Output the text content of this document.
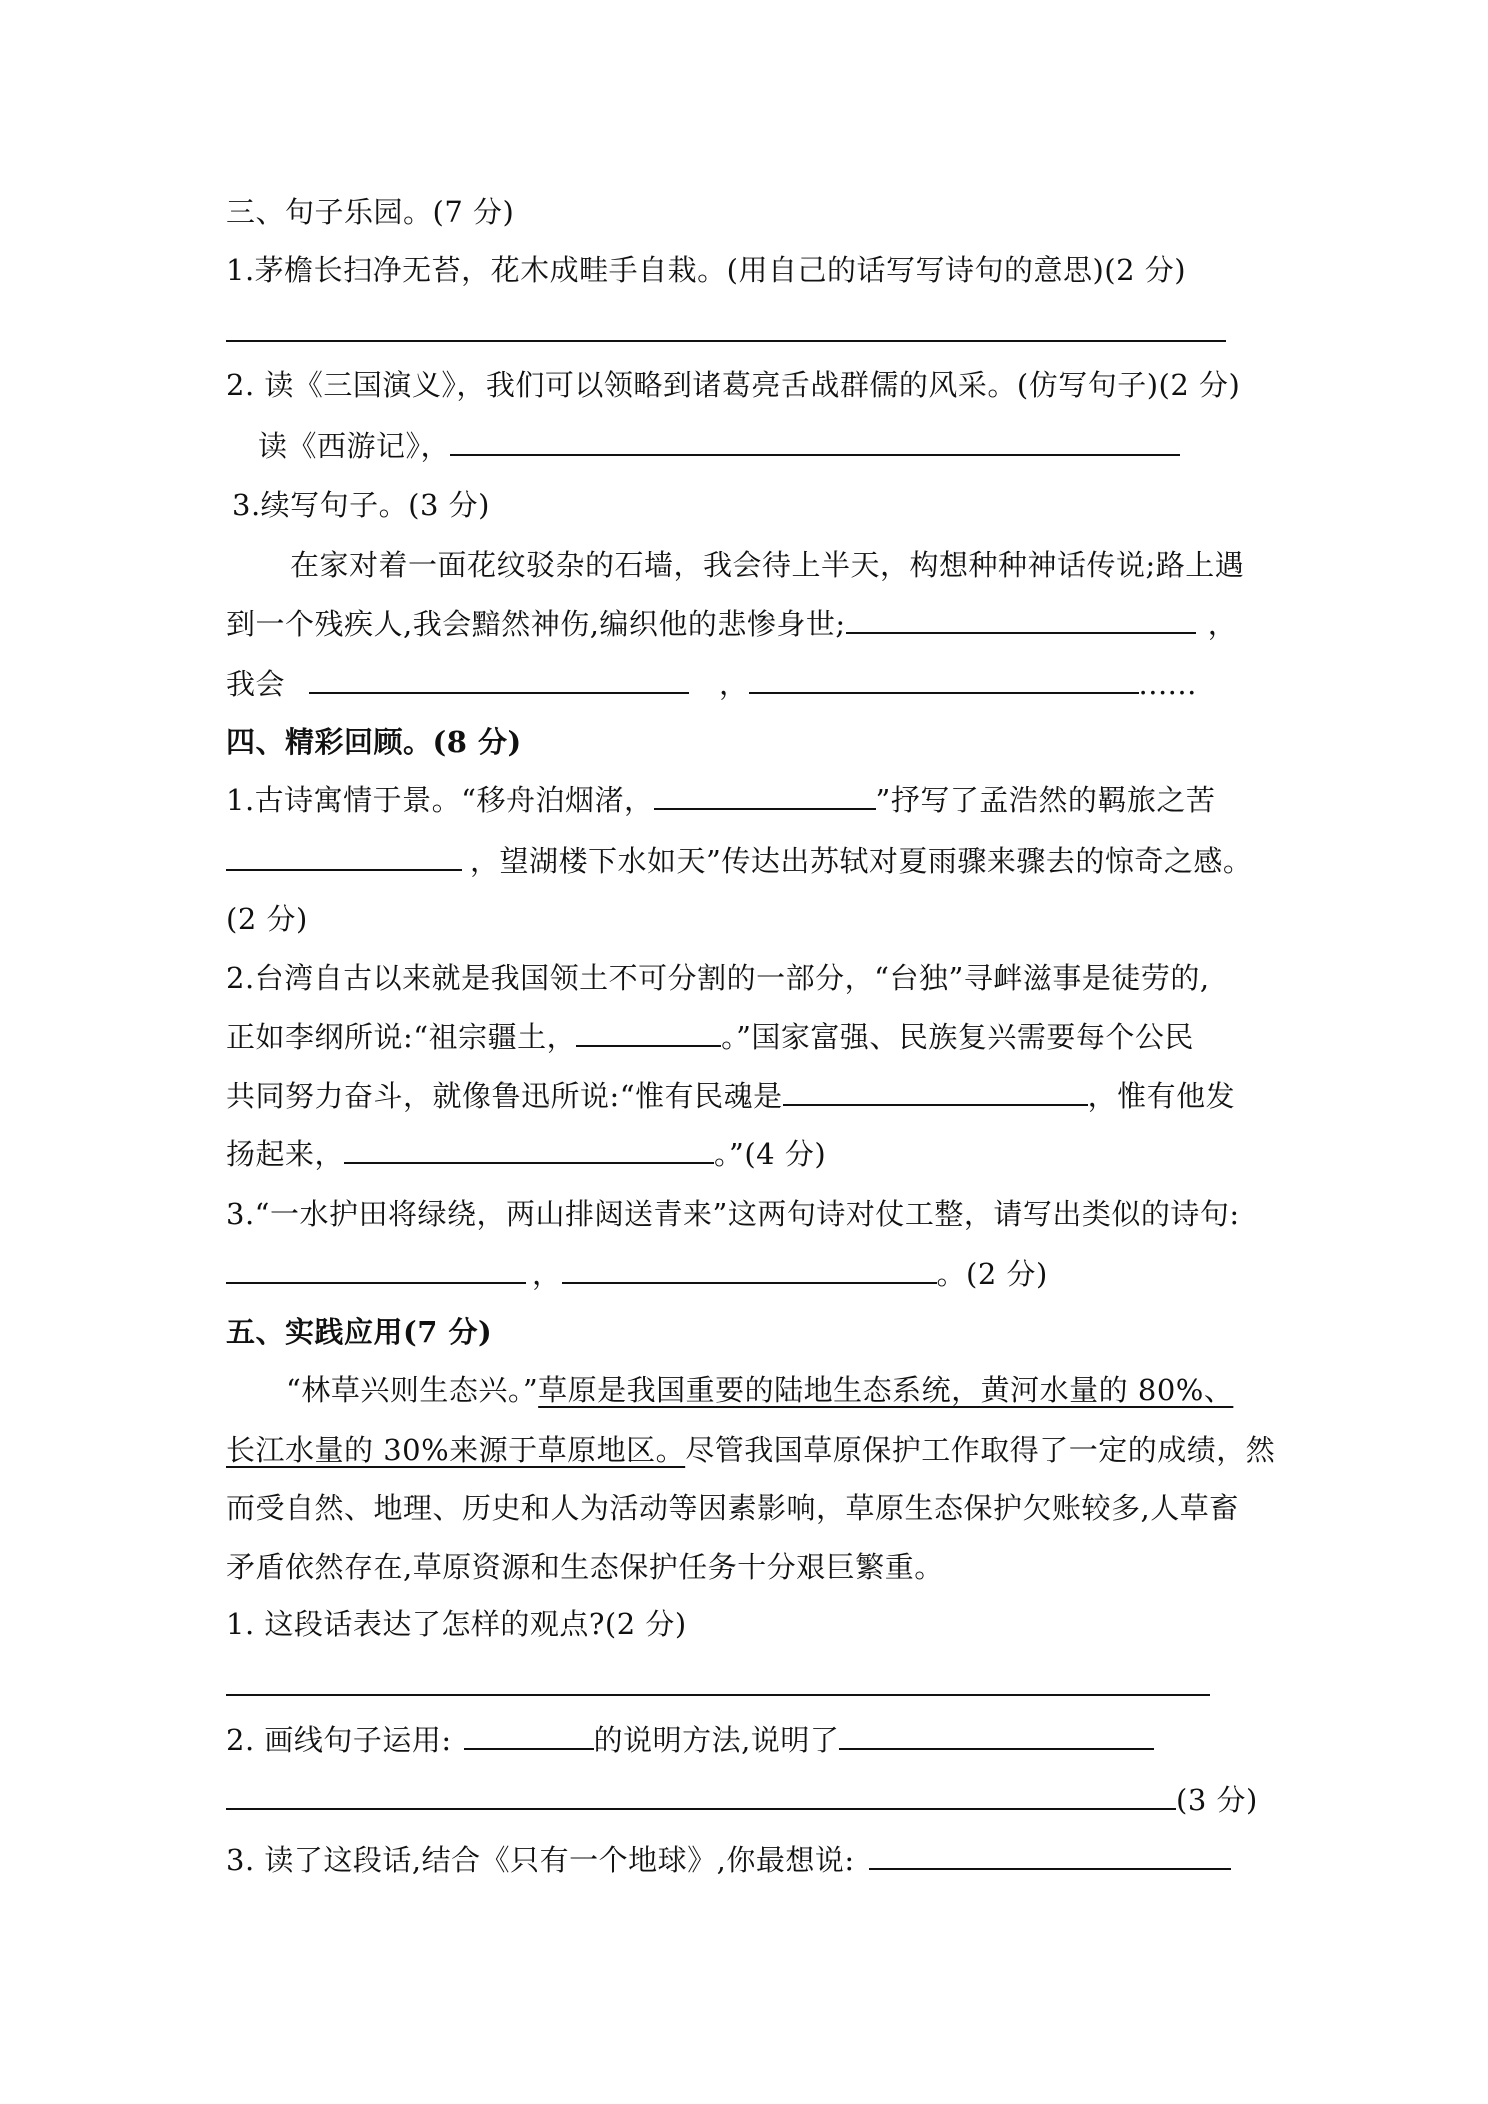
三、句子乐园。(7 分)
1.茅檐长扫净无苔，花木成畦手自栽。(用自己的话写写诗句的意思)(2 分)
2. 读《三国演义》，我们可以领略到诸葛亮舌战群儒的风采。(仿写句子)(2 分)
读《西游记》，
3.续写句子。(3 分)
在家对着一面花纹驳杂的石墙，我会待上半天，构想种种神话传说;路上遇
到一个残疾人,我会黯然神伤,编织他的悲惨身世;	，
我会	，	......
四、精彩回顾。(8 分)
1.古诗寓情于景。“移舟泊烟渚，	”抒写了孟浩然的羁旅之苦
，望湖楼下水如天”传达出苏轼对夏雨骤来骤去的惊奇之感。
(2 分)
2.台湾自古以来就是我国领土不可分割的一部分，“台独”寻衅滋事是徒劳的,
正如李纲所说:“祖宗疆土，	。”国家富强、民族复兴需要每个公民
共同努力奋斗，就像鲁迅所说:“惟有民魂是	，惟有他发
扬起来，	。”(4 分)
3.“一水护田将绿绕，两山排闼送青来”这两句诗对仗工整，请写出类似的诗句:
，	。(2 分)
五、实践应用(7 分)
“林草兴则生态兴。”草原是我国重要的陆地生态系统，黄河水量的 80%、
长江水量的 30%来源于草原地区。尽管我国草原保护工作取得了一定的成绩，然
而受自然、地理、历史和人为活动等因素影响，草原生态保护欠账较多,人草畜
矛盾依然存在,草原资源和生态保护任务十分艰巨繁重。
1. 这段话表达了怎样的观点?(2 分)
2. 画线句子运用:	的说明方法,说明了
(3 分)
3. 读了这段话,结合《只有一个地球》,你最想说:
